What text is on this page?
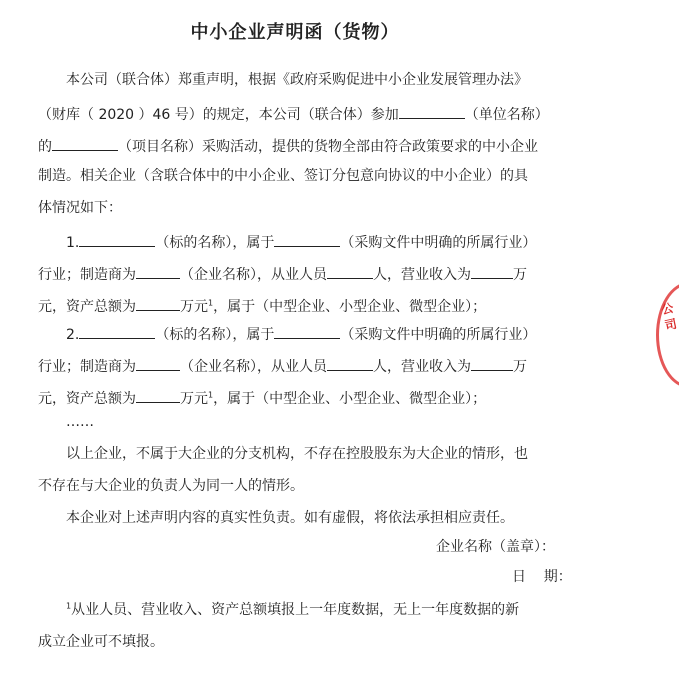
中小企业声明函（货物）
本公司（联合体）郑重声明，根据《政府采购促进中小企业发展管理办法》
（财库（ 2020 ）46 号）的规定，本公司（联合体）参加	（单位名称）
的	（项目名称）采购活动，提供的货物全部由符合政策要求的中小企业
制造。相关企业（含联合体中的中小企业、签订分包意向协议的中小企业）的具
体情况如下：
1.	（标的名称），属于	（采购文件中明确的所属行业）
行业；制造商为	（企业名称），从业人员	人，营业收入为	万
元，资产总额为	万元$^1$，属于（中型企业、小型企业、微型企业）；
2.	（标的名称），属于	（采购文件中明确的所属行业）
行业；制造商为	（企业名称），从业人员	人，营业收入为	万
元，资产总额为	万元$^1$，属于（中型企业、小型企业、微型企业）；
……
以上企业，不属于大企业的分支机构，不存在控股股东为大企业的情形，也
不存在与大企业的负责人为同一人的情形。
本企业对上述声明内容的真实性负责。如有虚假，将依法承担相应责任。
企业名称（盖章）：
日    期：
$^1$从业人员、营业收入、资产总额填报上一年度数据，无上一年度数据的新
成立企业可不填报。
公司
